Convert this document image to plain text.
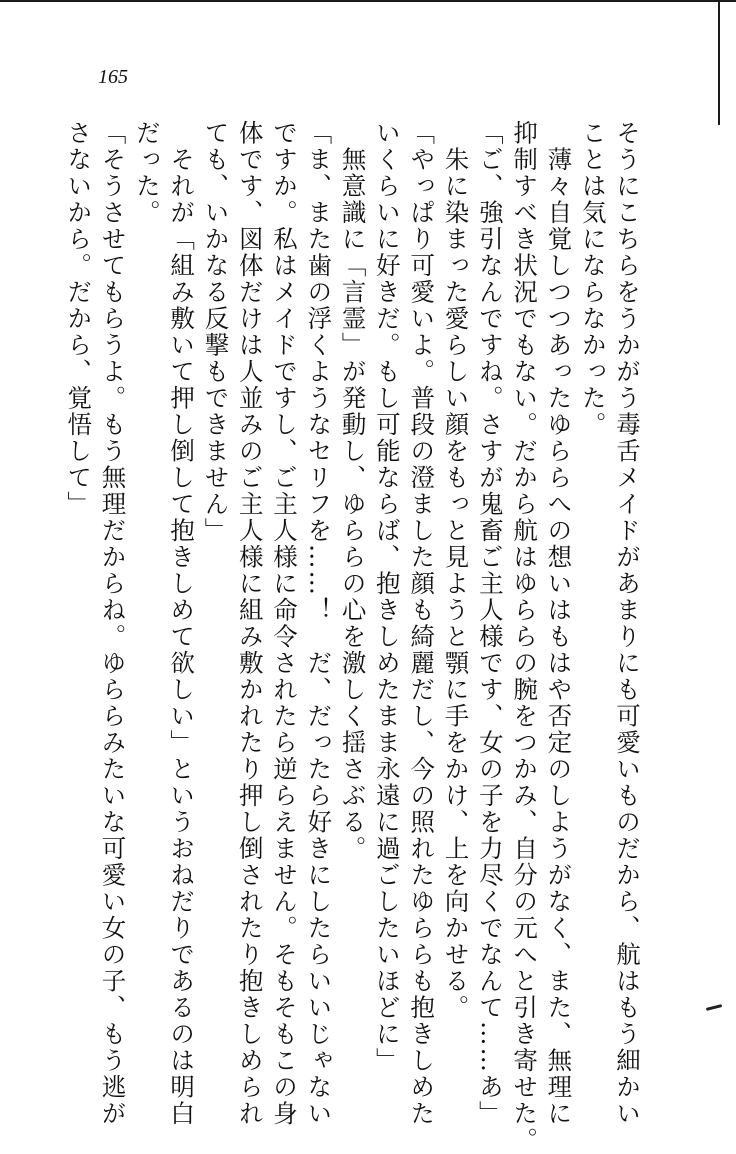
165
そうにこちらをうかがう毒舌メイドがあまりにも可愛いものだから、航はもう細かい
ことは気にならなかった。
　薄々自覚しつつあったゆららへの想いはもはや否定のしようがなく、また、無理に
抑制すべき状況でもない。だから航はゆららの腕をつかみ、自分の元へと引き寄せた。
「ご、強引なんですね。さすが鬼畜ご主人様です、女の子を力尽くでなんて……あ」
　朱に染まった愛らしい顔をもっと見ようと顎に手をかけ、上を向かせる。
「やっぱり可愛いよ。普段の澄ました顔も綺麗だし、今の照れたゆららも抱きしめた
いくらいに好きだ。もし可能ならば、抱きしめたまま永遠に過ごしたいほどに」
　無意識に「言霊」が発動し、ゆららの心を激しく揺さぶる。
「ま、また歯の浮くようなセリフを……！　だ、だったら好きにしたらいいじゃない
ですか。私はメイドですし、ご主人様に命令されたら逆らえません。そもそもこの身
体です、図体だけは人並みのご主人様に組み敷かれたり押し倒されたり抱きしめられ
ても、いかなる反撃もできません」
　それが「組み敷いて押し倒して抱きしめて欲しい」というおねだりであるのは明白
だった。
「そうさせてもらうよ。もう無理だからね。ゆららみたいな可愛い女の子、もう逃が
さないから。だから、覚悟して」
